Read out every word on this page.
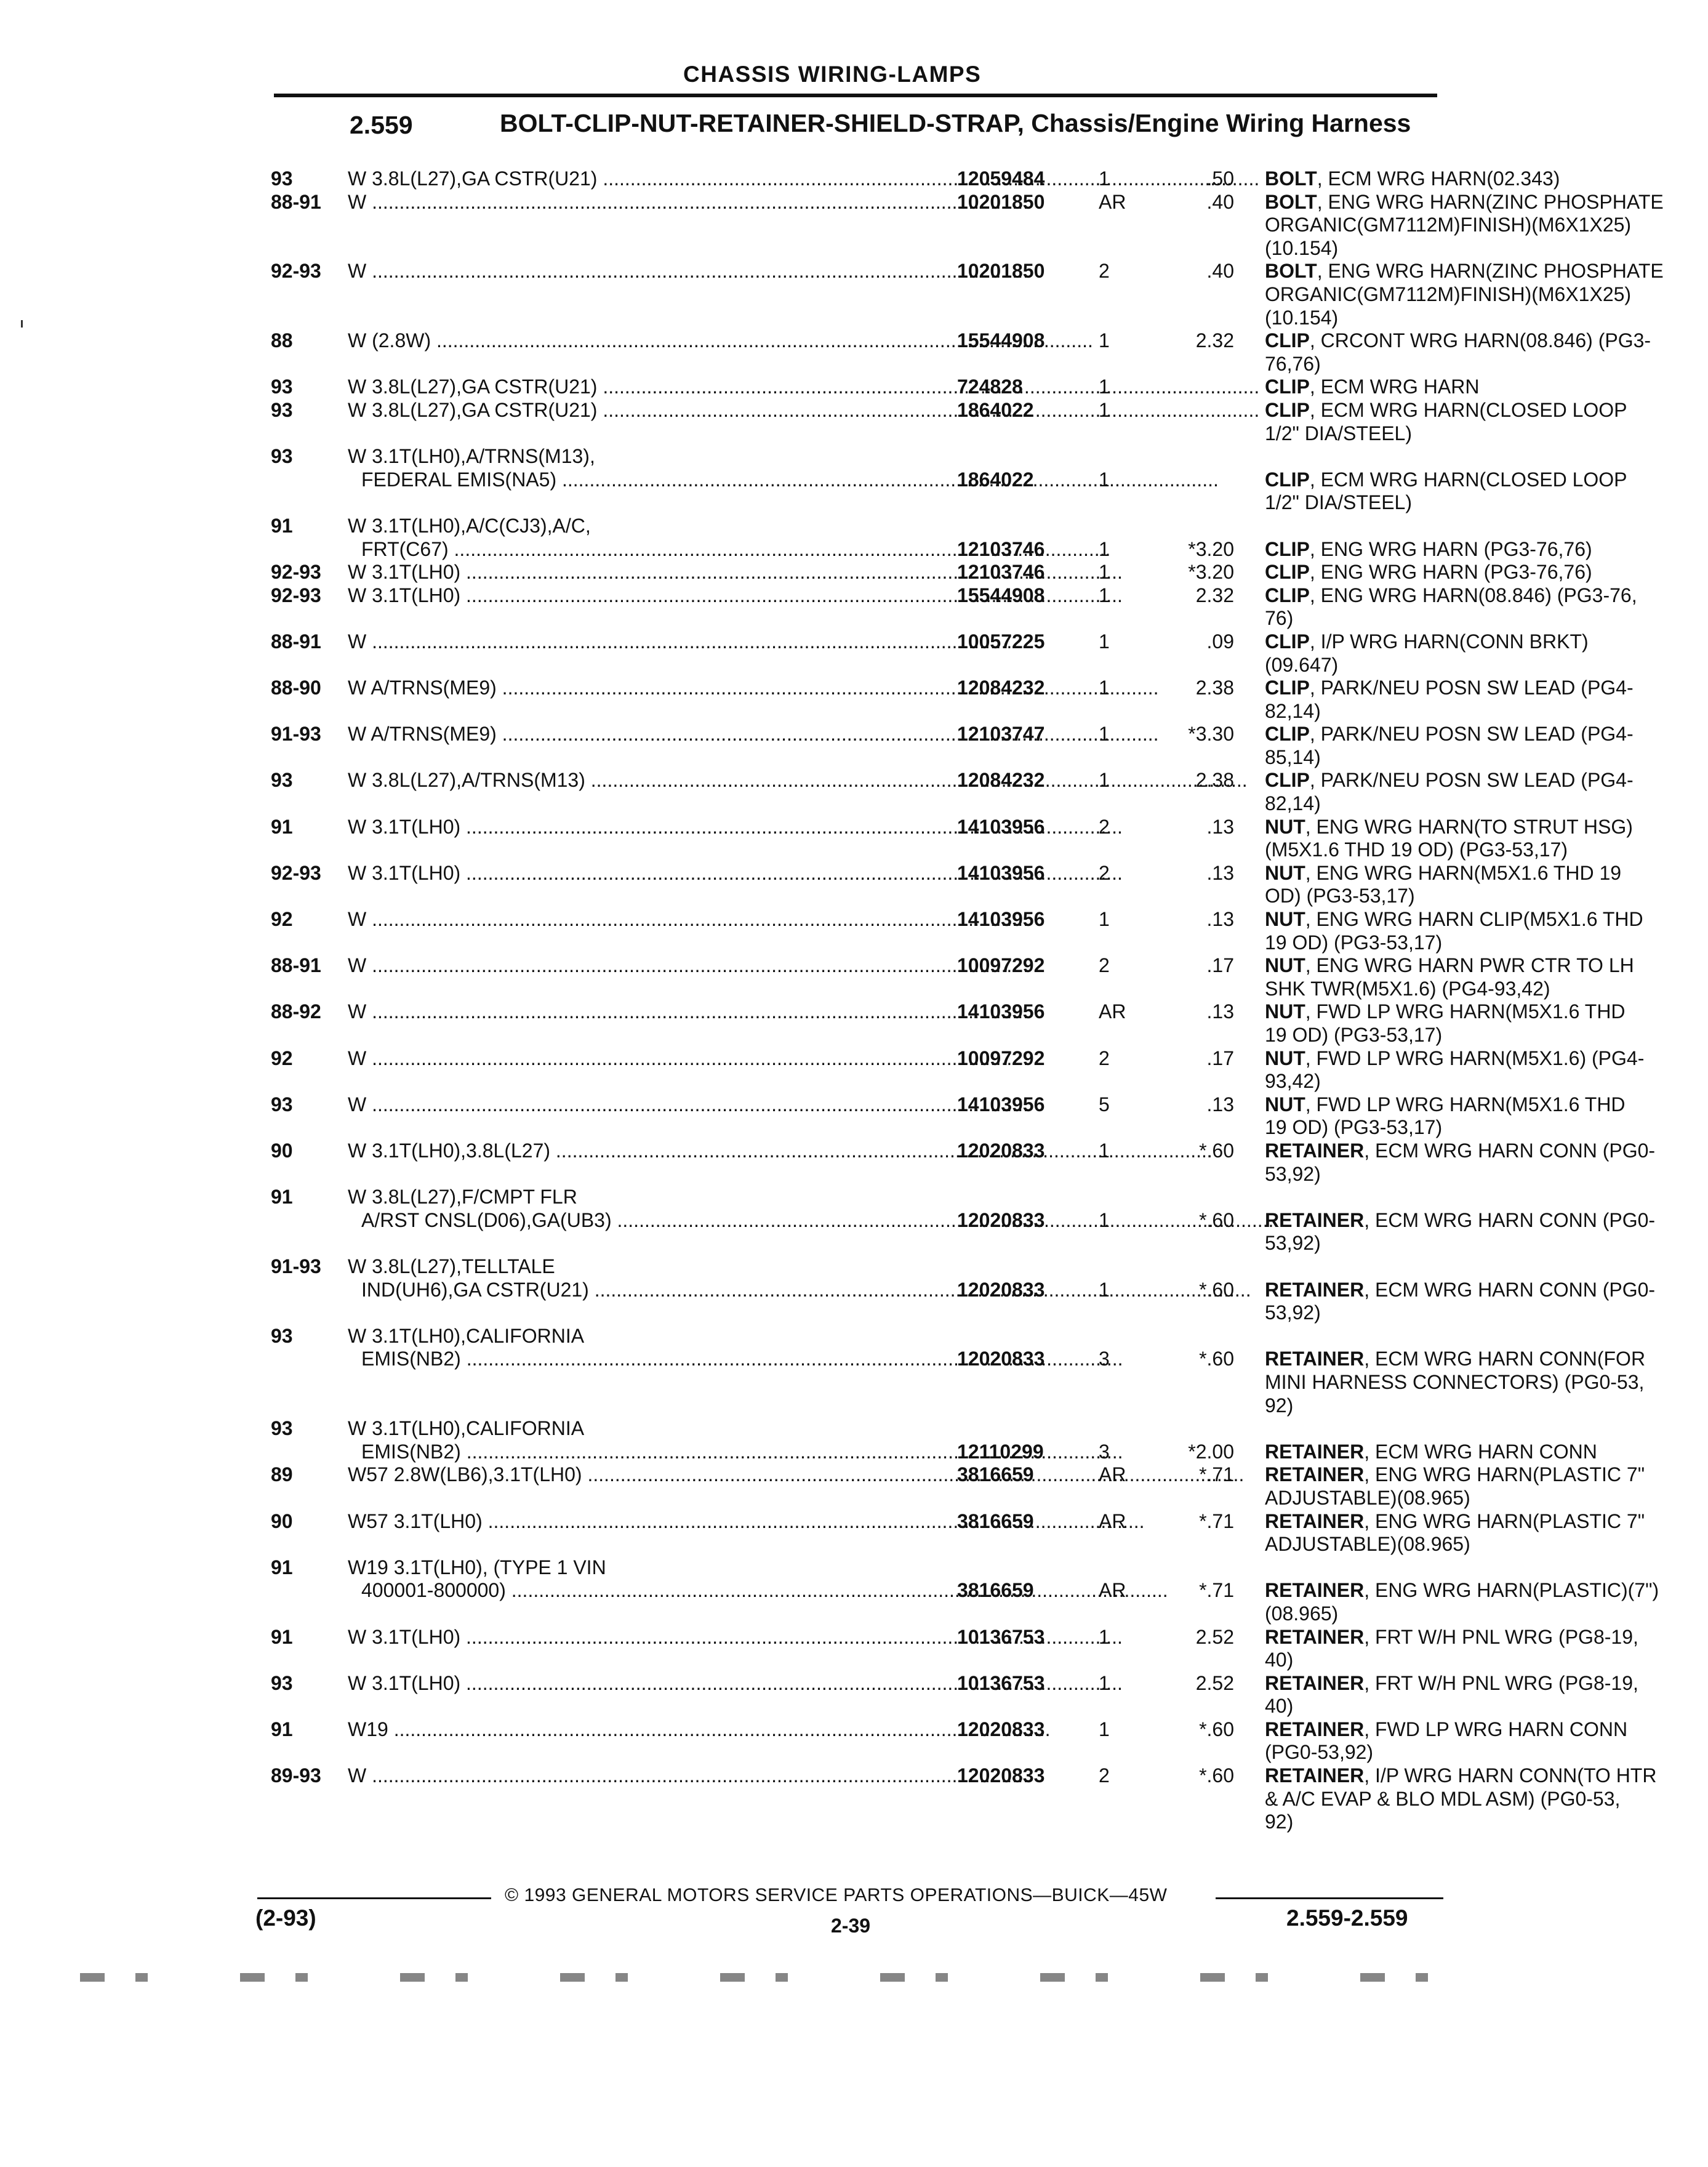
CHASSIS WIRING-LAMPS
2.559	BOLT-CLIP-NUT-RETAINER-SHIELD-STRAP, Chassis/Engine Wiring Harness
93	W 3.8L(L27),GA CSTR(U21) .....	12059484	1	.50 BOLT, ECM WRG HARN(02.343)
88-91 W .....	10201850	AR	.40 BOLT, ENG WRG HARN(ZINC PHOSPHATE
ORGANIC(GM7112M)FINISH)(M6X1X25)
(10.154)
92-93 W .....	10201850	2	.40 BOLT, ENG WRG HARN(ZINC PHOSPHATE
ORGANIC(GM7112M)FINISH)(M6X1X25)
(10.154)
88	W (2.8W) .....	15544908	1	2.32 CLIP, CRCONT WRG HARN(08.846) (PG3-
76,76)
93	W 3.8L(L27),GA CSTR(U21) .....	724828	1	CLIP, ECM WRG HARN
93	W 3.8L(L27),GA CSTR(U21) .....	1864022	1	CLIP, ECM WRG HARN(CLOSED LOOP
1/2" DIA/STEEL)
93	W 3.1T(LH0),A/TRNS(M13),
FEDERAL EMIS(NA5) .....	1864022	1	CLIP, ECM WRG HARN(CLOSED LOOP
1/2" DIA/STEEL)
91	W 3.1T(LH0),A/C(CJ3),A/C,
FRT(C67) .....	12103746	1	*3.20 CLIP, ENG WRG HARN (PG3-76,76)
92-93 W 3.1T(LH0) .....	12103746	1	*3.20 CLIP, ENG WRG HARN (PG3-76,76)
92-93 W 3.1T(LH0) .....	15544908	1	2.32 CLIP, ENG WRG HARN(08.846) (PG3-76,
76)
88-91 W .....	10057225	1	.09 CLIP, I/P WRG HARN(CONN BRKT)
(09.647)
88-90 W A/TRNS(ME9) .....	12084232	1	2.38 CLIP, PARK/NEU POSN SW LEAD (PG4-
82,14)
91-93 W A/TRNS(ME9) .....	12103747	1	*3.30 CLIP, PARK/NEU POSN SW LEAD (PG4-
85,14)
93	W 3.8L(L27),A/TRNS(M13) .....	12084232	1	2.38 CLIP, PARK/NEU POSN SW LEAD (PG4-
82,14)
91	W 3.1T(LH0) .....	14103956	2	.13 NUT, ENG WRG HARN(TO STRUT HSG)
(M5X1.6 THD 19 OD) (PG3-53,17)
92-93 W 3.1T(LH0) .....	14103956	2	.13 NUT, ENG WRG HARN(M5X1.6 THD 19
OD) (PG3-53,17)
92	W .....	14103956	1	.13 NUT, ENG WRG HARN CLIP(M5X1.6 THD
19 OD) (PG3-53,17)
88-91 W .....	10097292	2	.17 NUT, ENG WRG HARN PWR CTR TO LH
SHK TWR(M5X1.6) (PG4-93,42)
88-92 W .....	14103956	AR	.13 NUT, FWD LP WRG HARN(M5X1.6 THD
19 OD) (PG3-53,17)
92	W .....	10097292	2	.17 NUT, FWD LP WRG HARN(M5X1.6) (PG4-
93,42)
93	W .....	14103956	5	.13 NUT, FWD LP WRG HARN(M5X1.6 THD
19 OD) (PG3-53,17)
90	W 3.1T(LH0),3.8L(L27) .....	12020833	1	*.60 RETAINER, ECM WRG HARN CONN (PG0-
53,92)
91	W 3.8L(L27),F/CMPT FLR
A/RST CNSL(D06),GA(UB3) .....	12020833	1	*.60 RETAINER, ECM WRG HARN CONN (PG0-
53,92)
91-93 W 3.8L(L27),TELLTALE
IND(UH6),GA CSTR(U21) .....	12020833	1	*.60 RETAINER, ECM WRG HARN CONN (PG0-
53,92)
93	W 3.1T(LH0),CALIFORNIA
EMIS(NB2) .....	12020833	3	*.60 RETAINER, ECM WRG HARN CONN(FOR
MINI HARNESS CONNECTORS) (PG0-53,
92)
93	W 3.1T(LH0),CALIFORNIA
EMIS(NB2) .....	12110299	3	*2.00 RETAINER, ECM WRG HARN CONN
89	W57 2.8W(LB6),3.1T(LH0) .....	3816659	AR	*.71 RETAINER, ENG WRG HARN(PLASTIC 7"
ADJUSTABLE)(08.965)
90	W57 3.1T(LH0) .....	3816659	AR	*.71 RETAINER, ENG WRG HARN(PLASTIC 7"
ADJUSTABLE)(08.965)
91	W19 3.1T(LH0), (TYPE 1 VIN
400001-800000) .....	3816659	AR	*.71 RETAINER, ENG WRG HARN(PLASTIC)(7")
(08.965)
91	W 3.1T(LH0) .....	10136753	1	2.52 RETAINER, FRT W/H PNL WRG (PG8-19,
40)
93	W 3.1T(LH0) .....	10136753	1	2.52 RETAINER, FRT W/H PNL WRG (PG8-19,
40)
91	W19 .....	12020833	1	*.60 RETAINER, FWD LP WRG HARN CONN
(PG0-53,92)
89-93 W .....	12020833	2	*.60 RETAINER, I/P WRG HARN CONN(TO HTR
& A/C EVAP & BLO MDL ASM) (PG0-53,
92)
© 1993 GENERAL MOTORS SERVICE PARTS OPERATIONS—BUICK—45W
(2-93)	2-39	2.559-2.559
